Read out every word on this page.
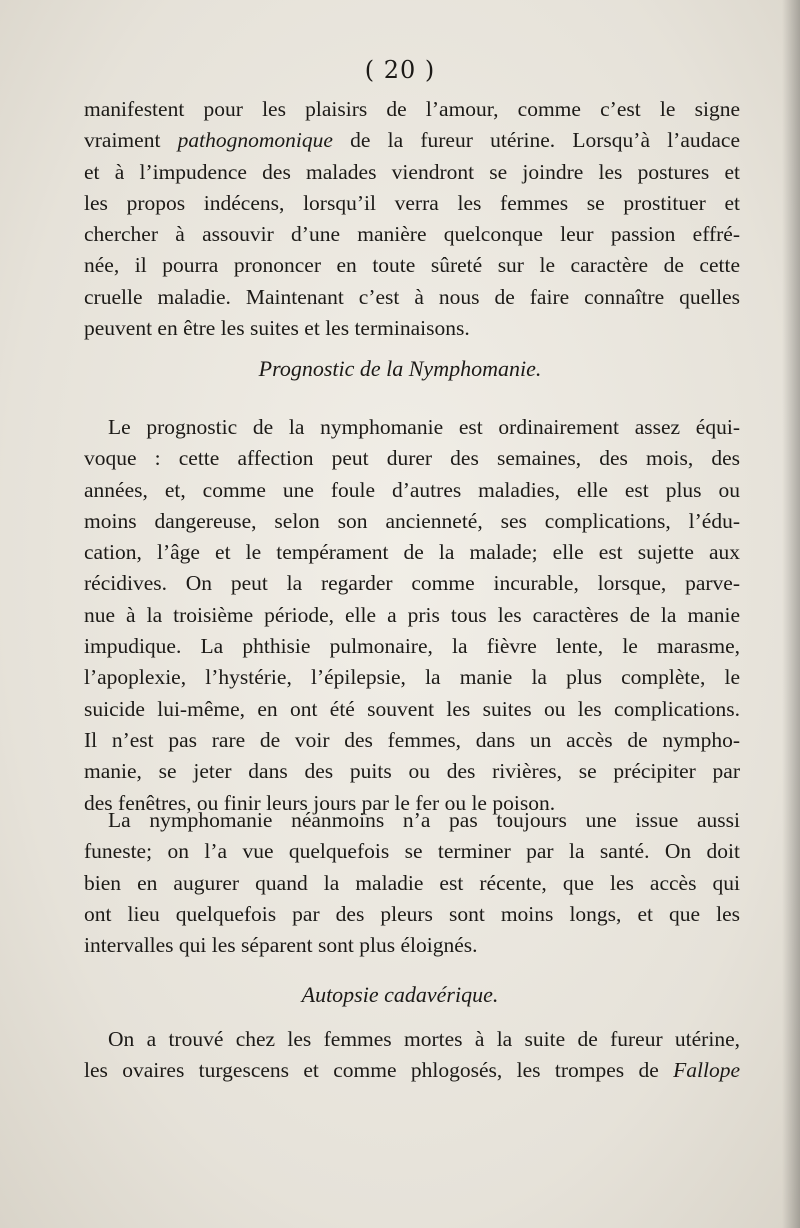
( 20 )
manifestent pour les plaisirs de l’amour, comme c’est le signe
vraiment pathognomonique de la fureur utérine. Lorsqu’à l’audace
et à l’impudence des malades viendront se joindre les postures et
les propos indécens, lorsqu’il verra les femmes se prostituer et
chercher à assouvir d’une manière quelconque leur passion effré-
née, il pourra prononcer en toute sûreté sur le caractère de cette
cruelle maladie. Maintenant c’est à nous de faire connaître quelles
peuvent en être les suites et les terminaisons.
Prognostic de la Nymphomanie.
Le prognostic de la nymphomanie est ordinairement assez équi-
voque : cette affection peut durer des semaines, des mois, des
années, et, comme une foule d’autres maladies, elle est plus ou
moins dangereuse, selon son ancienneté, ses complications, l’édu-
cation, l’âge et le tempérament de la malade; elle est sujette aux
récidives. On peut la regarder comme incurable, lorsque, parve-
nue à la troisième période, elle a pris tous les caractères de la manie
impudique. La phthisie pulmonaire, la fièvre lente, le marasme,
l’apoplexie, l’hystérie, l’épilepsie, la manie la plus complète, le
suicide lui-même, en ont été souvent les suites ou les complications.
Il n’est pas rare de voir des femmes, dans un accès de nympho-
manie, se jeter dans des puits ou des rivières, se précipiter par
des fenêtres, ou finir leurs jours par le fer ou le poison.
La nymphomanie néanmoins n’a pas toujours une issue aussi
funeste; on l’a vue quelquefois se terminer par la santé. On doit
bien en augurer quand la maladie est récente, que les accès qui
ont lieu quelquefois par des pleurs sont moins longs, et que les
intervalles qui les séparent sont plus éloignés.
Autopsie cadavérique.
On a trouvé chez les femmes mortes à la suite de fureur utérine,
les ovaires turgescens et comme phlogosés, les trompes de Fallope
